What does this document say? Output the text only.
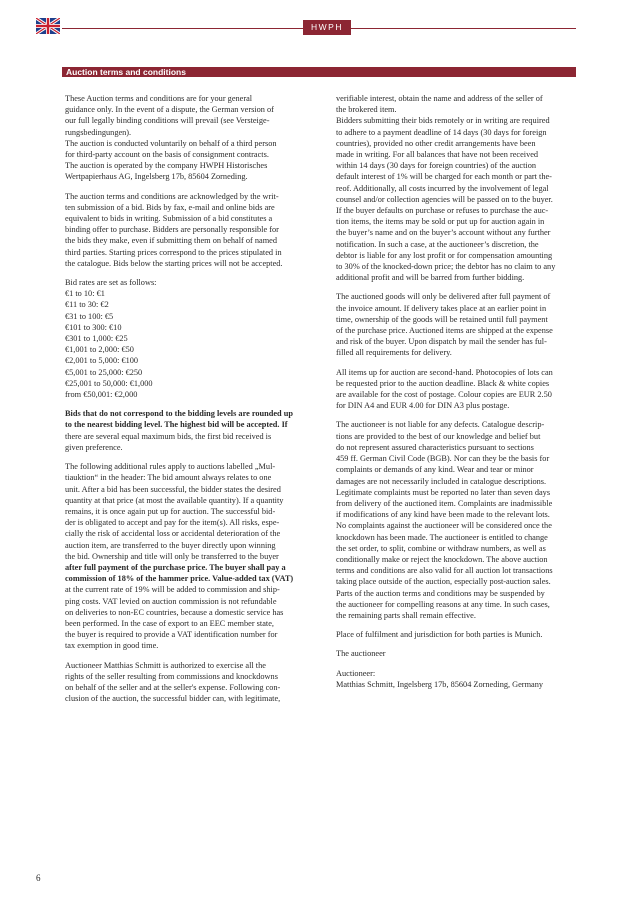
HWPH
Auction terms and conditions

These Auction terms and conditions are for your general
guidance only. In the event of a dispute, the German version of
our full legally binding conditions will prevail (see Versteige-
rungsbedingungen).
The auction is conducted voluntarily on behalf of a third person
for third-party account on the basis of consignment contracts.
The auction is operated by the company HWPH Historisches
Wertpapierhaus AG, Ingelsberg 17b, 85604 Zorneding.

The auction terms and conditions are acknowledged by the writ-
ten submission of a bid. Bids by fax, e-mail and online bids are
equivalent to bids in writing. Submission of a bid constitutes a
binding offer to purchase. Bidders are personally responsible for
the bids they make, even if submitting them on behalf of named
third parties. Starting prices correspond to the prices stipulated in
the catalogue. Bids below the starting prices will not be accepted.

Bid rates are set as follows:
€1 to 10: €1
€11 to 30: €2
€31 to 100: €5
€101 to 300: €10
€301 to 1,000: €25
€1,001 to 2,000: €50
€2,001 to 5,000: €100
€5,001 to 25,000: €250
€25,001 to 50,000: €1,000
from €50,001: €2,000

Bids that do not correspond to the bidding levels are rounded up
to the nearest bidding level. The highest bid will be accepted. If
there are several equal maximum bids, the first bid received is
given preference.

The following additional rules apply to auctions labelled „Mul-
tiauktion“ in the header: The bid amount always relates to one
unit. After a bid has been successful, the bidder states the desired
quantity at that price (at most the available quantity). If a quantity
remains, it is once again put up for auction. The successful bid-
der is obligated to accept and pay for the item(s). All risks, espe-
cially the risk of accidental loss or accidental deterioration of the
auction item, are transferred to the buyer directly upon winning
the bid. Ownership and title will only be transferred to the buyer
after full payment of the purchase price. The buyer shall pay a
commission of 18% of the hammer price. Value-added tax (VAT)
at the current rate of 19% will be added to commission and ship-
ping costs. VAT levied on auction commission is not refundable
on deliveries to non-EC countries, because a domestic service has
been performed. In the case of export to an EEC member state,
the buyer is required to provide a VAT identification number for
tax exemption in good time.

Auctioneer Matthias Schmitt is authorized to exercise all the
rights of the seller resulting from commissions and knockdowns
on behalf of the seller and at the seller's expense. Following con-
clusion of the auction, the successful bidder can, with legitimate,

verifiable interest, obtain the name and address of the seller of
the brokered item.
Bidders submitting their bids remotely or in writing are required
to adhere to a payment deadline of 14 days (30 days for foreign
countries), provided no other credit arrangements have been
made in writing. For all balances that have not been received
within 14 days (30 days for foreign countries) of the auction
default interest of 1% will be charged for each month or part the-
reof. Additionally, all costs incurred by the involvement of legal
counsel and/or collection agencies will be passed on to the buyer.
If the buyer defaults on purchase or refuses to purchase the auc-
tion items, the items may be sold or put up for auction again in
the buyer’s name and on the buyer’s account without any further
notification. In such a case, at the auctioneer’s discretion, the
debtor is liable for any lost profit or for compensation amounting
to 30% of the knocked-down price; the debtor has no claim to any
additional profit and will be barred from further bidding.

The auctioned goods will only be delivered after full payment of
the invoice amount. If delivery takes place at an earlier point in
time, ownership of the goods will be retained until full payment
of the purchase price. Auctioned items are shipped at the expense
and risk of the buyer. Upon dispatch by mail the sender has ful-
filled all requirements for delivery.

All items up for auction are second-hand. Photocopies of lots can
be requested prior to the auction deadline. Black & white copies
are available for the cost of postage. Colour copies are EUR 2.50
for DIN A4 and EUR 4.00 for DIN A3 plus postage.

The auctioneer is not liable for any defects. Catalogue descrip-
tions are provided to the best of our knowledge and belief but
do not represent assured characteristics pursuant to sections
459 ff. German Civil Code (BGB). Nor can they be the basis for
complaints or demands of any kind. Wear and tear or minor
damages are not necessarily included in catalogue descriptions.
Legitimate complaints must be reported no later than seven days
from delivery of the auctioned item. Complaints are inadmissible
if modifications of any kind have been made to the relevant lots.
No complaints against the auctioneer will be considered once the
knockdown has been made. The auctioneer is entitled to change
the set order, to split, combine or withdraw numbers, as well as
conditionally make or reject the knockdown. The above auction
terms and conditions are also valid for all auction lot transactions
taking place outside of the auction, especially post-auction sales.
Parts of the auction terms and conditions may be suspended by
the auctioneer for compelling reasons at any time. In such cases,
the remaining parts shall remain effective.

Place of fulfilment and jurisdiction for both parties is Munich.

The auctioneer

Auctioneer:
Matthias Schmitt, Ingelsberg 17b, 85604 Zorneding, Germany

6
